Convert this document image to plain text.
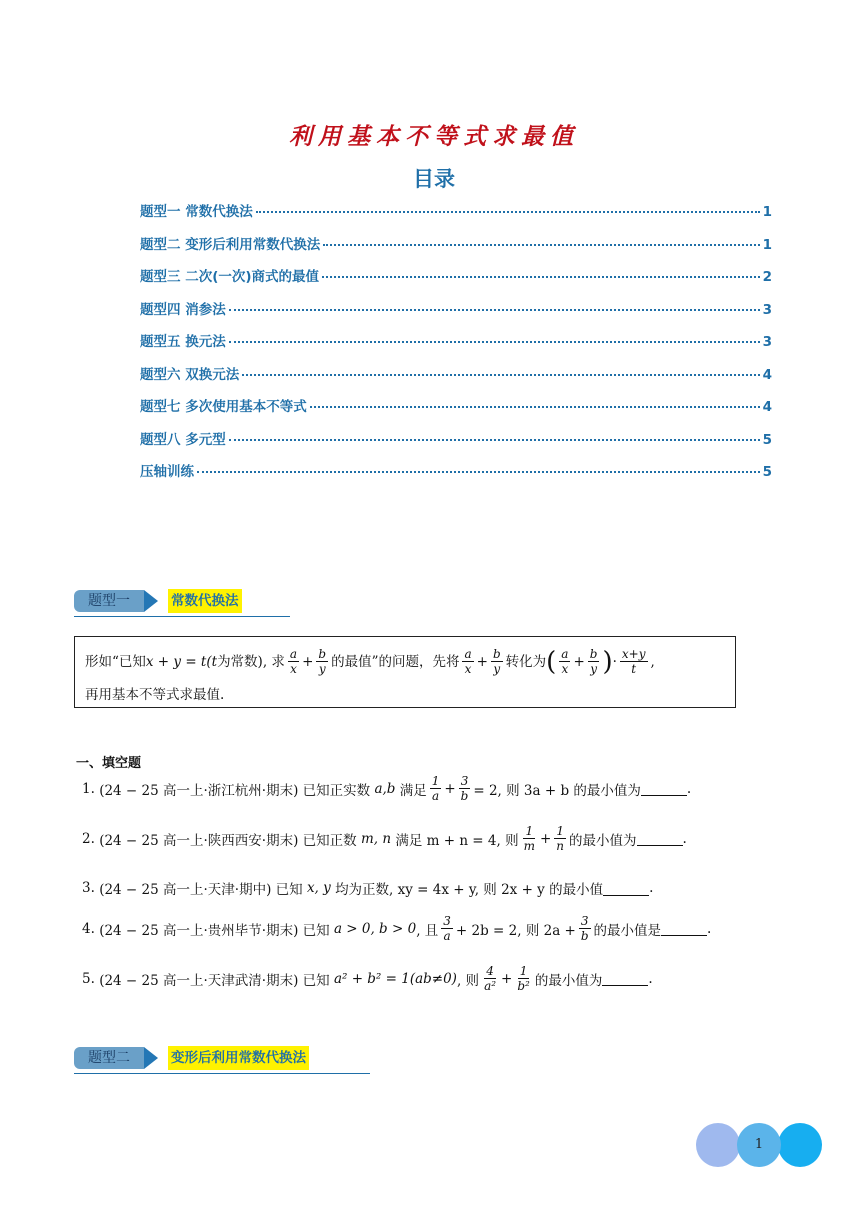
利用基本不等式求最值
目录
题型一 常数代换法	1
题型二 变形后利用常数代换法	1
题型三 二次(一次)商式的最值	2
题型四 消参法	3
题型五 换元法	3
题型六 双换元法	4
题型七 多次使用基本不等式	4
题型八 多元型	5
压轴训练	5
题型一	常数代换法
形如“已知 x + y = t(t 为常数), 求 $\frac{a}{x} + \frac{b}{y}$ 的最值”的问题，先将 $\frac{a}{x} + \frac{b}{y}$ 转化为 ( $\frac{a}{x} + \frac{b}{y}$ ) · $\frac{x+y}{t}$ ,
再用基本不等式求最值.
一、填空题
1.
(24 − 25 高一上·浙江杭州·期末) 已知正实数
a,b
满足 $\frac{1}{a} + \frac{3}{b} = 2$, 则 3a + b 的最小值为	.
2.
(24 − 25 高一上·陕西西安·期末) 已知正数
m, n
满足 m + n = 4, 则 $\frac{1}{m} + \frac{1}{n}$ 的最小值为	.
3.
(24 − 25 高一上·天津·期中) 已知
x, y
均为正数, xy = 4x + y, 则 2x + y 的最小值	.
4.
(24 − 25 高一上·贵州毕节·期末) 已知
a > 0, b > 0 , 且 $\frac{3}{a} + 2b = 2$, 则 $2a + \frac{3}{b}$ 的最小值是	.
5.
(24 − 25 高一上·天津武清·期末) 已知
a² + b² = 1(ab≠0) , 则 $\frac{4}{\text{a²}} + \frac{1}{\text{b²}}$ 的最小值为	.
题型二	变形后利用常数代换法
1
